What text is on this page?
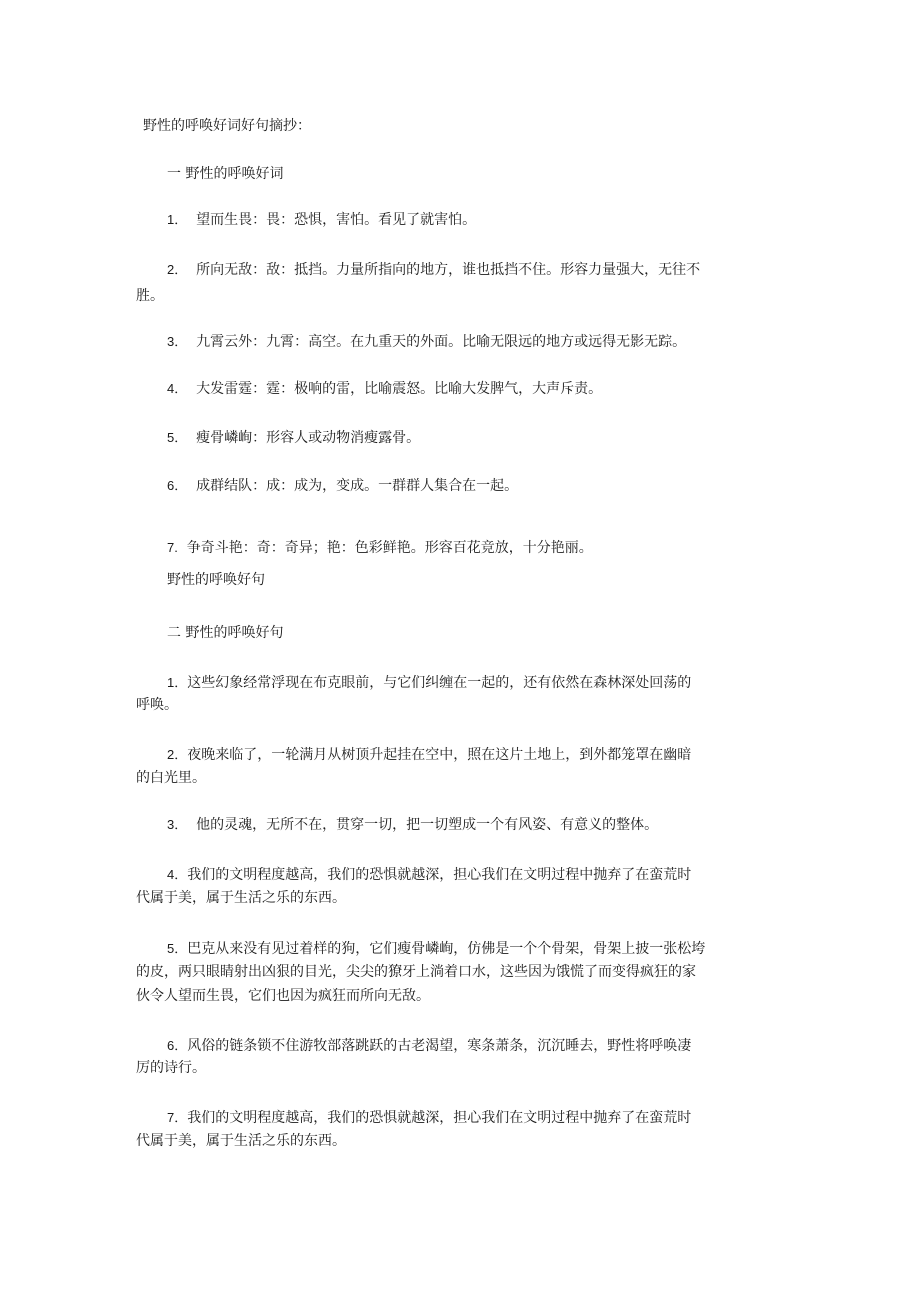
野性的呼唤好词好句摘抄：

一 野性的呼唤好词

1． 望而生畏：畏：恐惧，害怕。看见了就害怕。

2． 所向无敌：敌：抵挡。力量所指向的地方，谁也抵挡不住。形容力量强大，无往不

胜。

3． 九霄云外：九霄：高空。在九重天的外面。比喻无限远的地方或远得无影无踪。

4． 大发雷霆：霆：极响的雷，比喻震怒。比喻大发脾气，大声斥责。

5． 瘦骨嶙峋：形容人或动物消瘦露骨。

6． 成群结队：成：成为，变成。一群群人集合在一起。

7. 争奇斗艳：奇：奇异；艳：色彩鲜艳。形容百花竞放，十分艳丽。

野性的呼唤好句

二 野性的呼唤好句

1．这些幻象经常浮现在布克眼前，与它们纠缠在一起的，还有依然在森林深处回荡的

呼唤。

2．夜晚来临了，一轮满月从树顶升起挂在空中，照在这片土地上，到外都笼罩在幽暗

的白光里。

3． 他的灵魂，无所不在，贯穿一切，把一切塑成一个有风姿、有意义的整体。

4．我们的文明程度越高，我们的恐惧就越深，担心我们在文明过程中抛弃了在蛮荒时

代属于美，属于生活之乐的东西。

5．巴克从来没有见过着样的狗，它们瘦骨嶙峋，仿佛是一个个骨架，骨架上披一张松垮

的皮，两只眼睛射出凶狠的目光，尖尖的獠牙上淌着口水，这些因为饿慌了而变得疯狂的家

伙令人望而生畏，它们也因为疯狂而所向无敌。

6．风俗的链条锁不住游牧部落跳跃的古老渴望，寒条萧条，沉沉睡去，野性将呼唤凄

厉的诗行。

7．我们的文明程度越高，我们的恐惧就越深，担心我们在文明过程中抛弃了在蛮荒时

代属于美，属于生活之乐的东西。
